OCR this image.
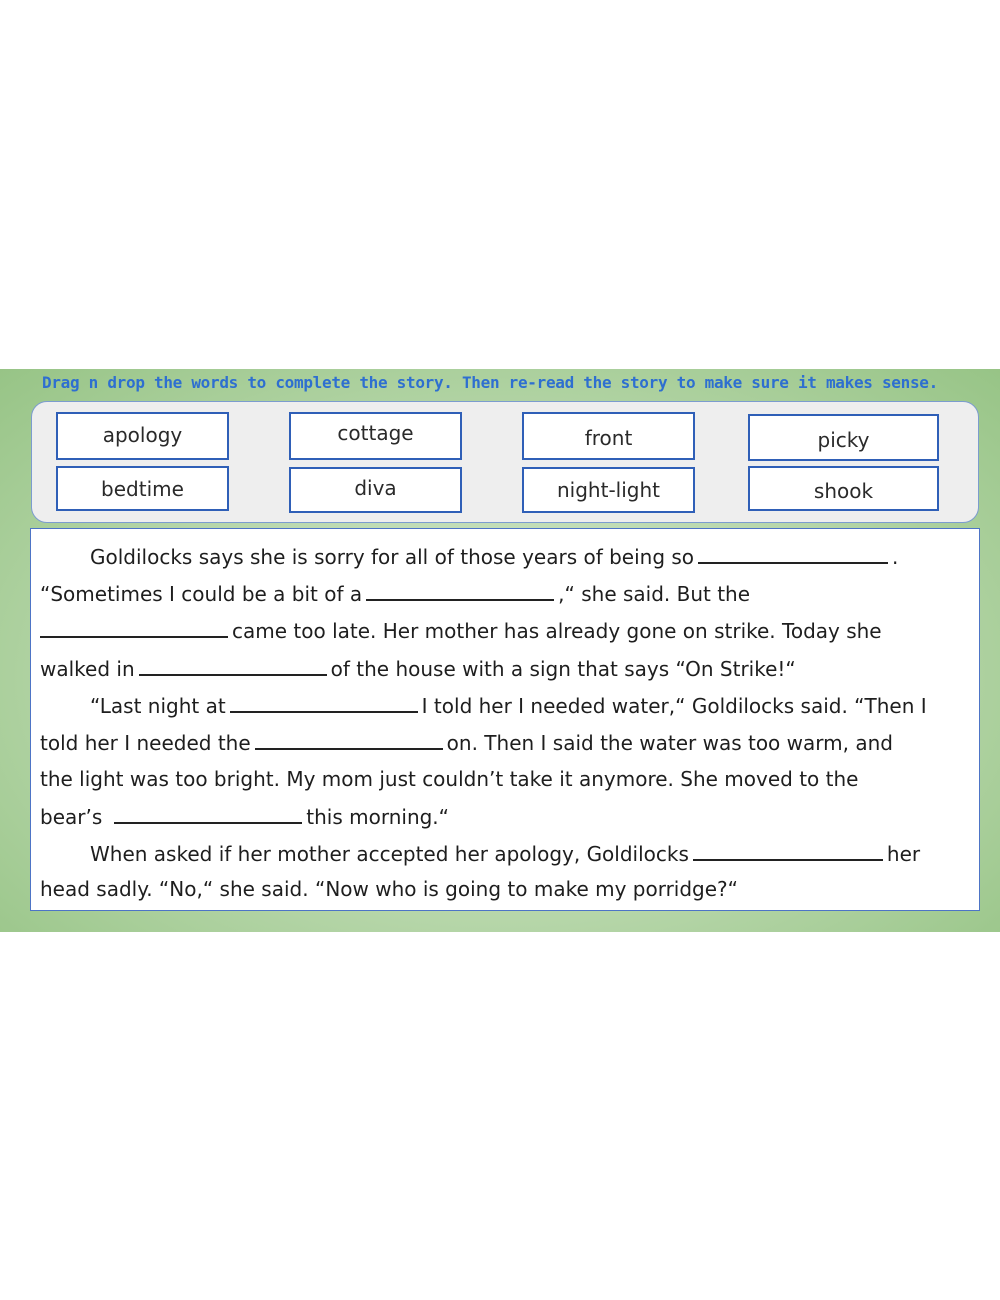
Drag n drop the words to complete the story. Then re-read the story to make sure it makes sense.
apology	cottage	front	picky
bedtime	diva	night-light	shook
Goldilocks says she is sorry for all of those years of being so	.
“Sometimes I could be a bit of a	,“ she said. But the
came too late. Her mother has already gone on strike. Today she
walked in	of the house with a sign that says “On Strike!“
“Last night at	I told her I needed water,“ Goldilocks said. “Then I
told her I needed the	on. Then I said the water was too warm, and
the light was too bright. My mom just couldn’t take it anymore. She moved to the
bear’s	this morning.“
When asked if her mother accepted her apology, Goldilocks	her
head sadly. “No,“ she said. “Now who is going to make my porridge?“
